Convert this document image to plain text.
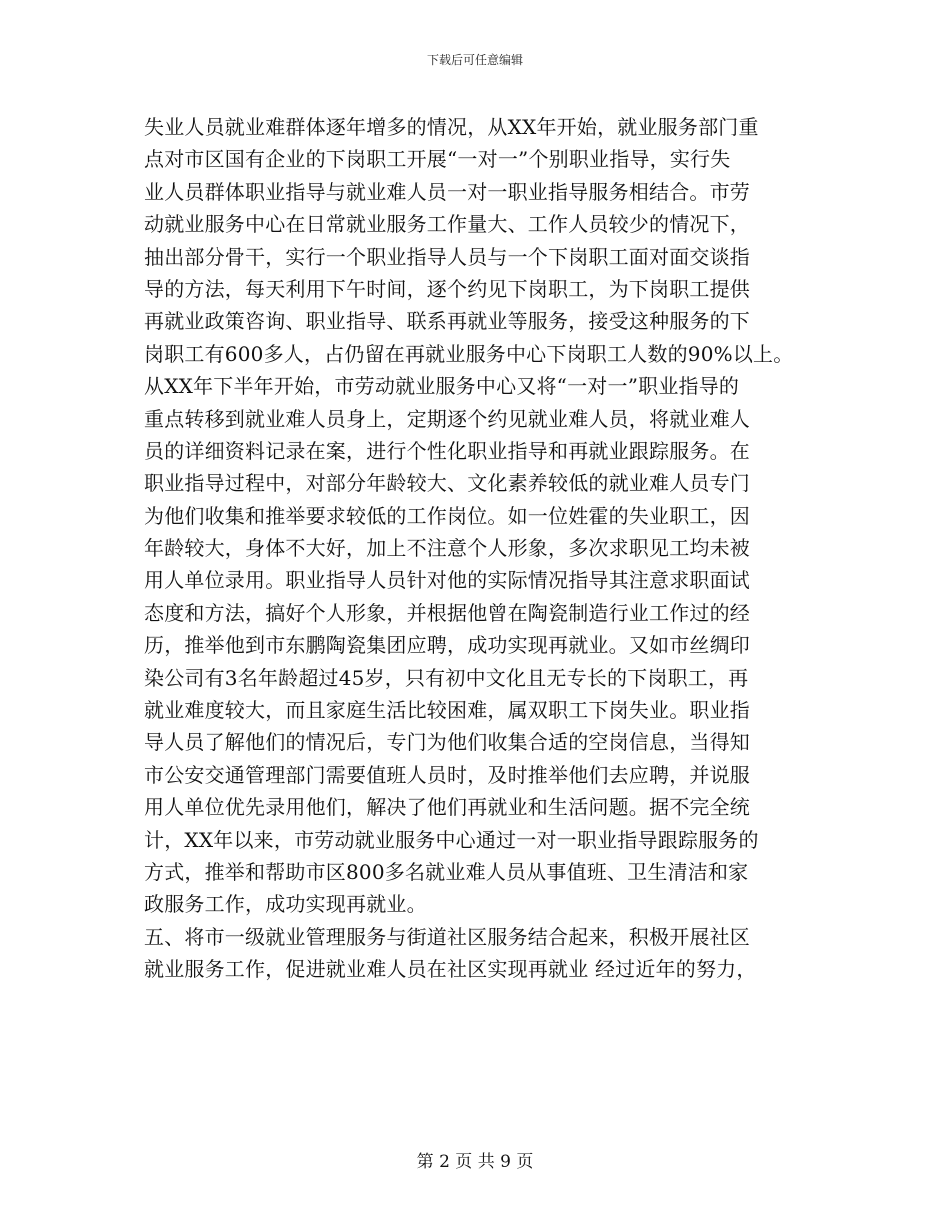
下载后可任意编辑
失业人员就业难群体逐年增多的情况，从XX年开始，就业服务部门重
点对市区国有企业的下岗职工开展“一对一”个别职业指导，实行失
业人员群体职业指导与就业难人员一对一职业指导服务相结合。市劳
动就业服务中心在日常就业服务工作量大、工作人员较少的情况下，
抽出部分骨干，实行一个职业指导人员与一个下岗职工面对面交谈指
导的方法，每天利用下午时间，逐个约见下岗职工，为下岗职工提供
再就业政策咨询、职业指导、联系再就业等服务，接受这种服务的下
岗职工有600多人，占仍留在再就业服务中心下岗职工人数的90%以上。
从XX年下半年开始，市劳动就业服务中心又将“一对一”职业指导的
重点转移到就业难人员身上，定期逐个约见就业难人员，将就业难人
员的详细资料记录在案，进行个性化职业指导和再就业跟踪服务。在
职业指导过程中，对部分年龄较大、文化素养较低的就业难人员专门
为他们收集和推举要求较低的工作岗位。如一位姓霍的失业职工，因
年龄较大，身体不大好，加上不注意个人形象，多次求职见工均未被
用人单位录用。职业指导人员针对他的实际情况指导其注意求职面试
态度和方法，搞好个人形象，并根据他曾在陶瓷制造行业工作过的经
历，推举他到市东鹏陶瓷集团应聘，成功实现再就业。又如市丝绸印
染公司有3名年龄超过45岁，只有初中文化且无专长的下岗职工，再
就业难度较大，而且家庭生活比较困难，属双职工下岗失业。职业指
导人员了解他们的情况后，专门为他们收集合适的空岗信息，当得知
市公安交通管理部门需要值班人员时，及时推举他们去应聘，并说服
用人单位优先录用他们，解决了他们再就业和生活问题。据不完全统
计，XX年以来，市劳动就业服务中心通过一对一职业指导跟踪服务的
方式，推举和帮助市区800多名就业难人员从事值班、卫生清洁和家
政服务工作，成功实现再就业。
五、将市一级就业管理服务与街道社区服务结合起来，积极开展社区
就业服务工作，促进就业难人员在社区实现再就业 经过近年的努力，
第 2 页 共 9 页
